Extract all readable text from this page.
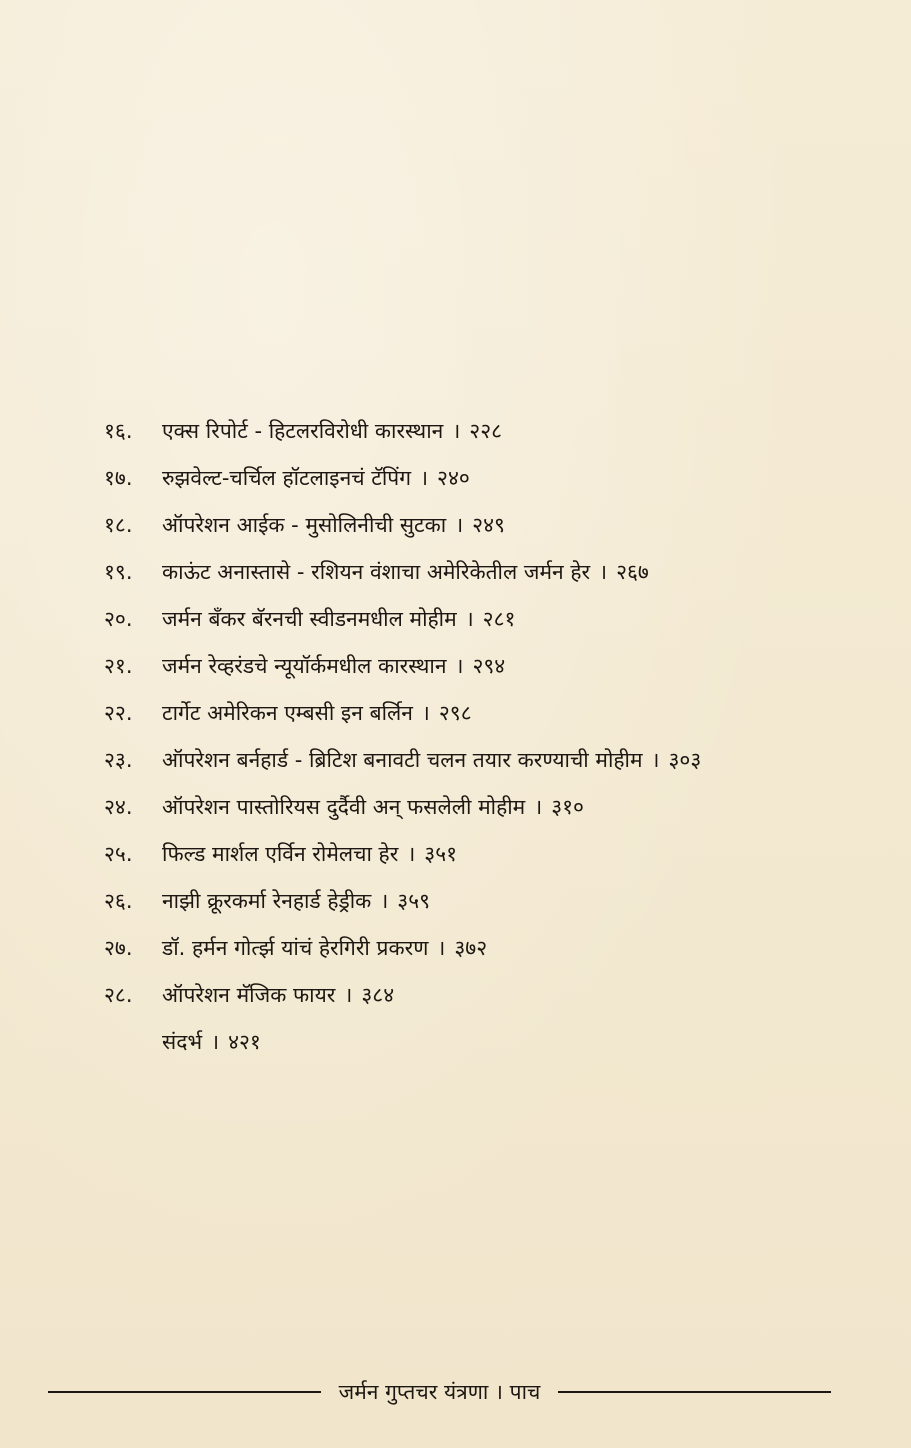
१६.	एक्स रिपोर्ट - हिटलरविरोधी कारस्थान । २२८
१७.	रुझवेल्ट-चर्चिल हॉटलाइनचं टॅपिंग । २४०
१८.	ऑपरेशन आईक - मुसोलिनीची सुटका । २४९
१९.	काऊंट अनास्तासे - रशियन वंशाचा अमेरिकेतील जर्मन हेर । २६७
२०.	जर्मन बँकर बॅरनची स्वीडनमधील मोहीम । २८१
२१.	जर्मन रेव्हरंडचे न्यूयॉर्कमधील कारस्थान । २९४
२२.	टार्गेट अमेरिकन एम्बसी इन बर्लिन । २९८
२३.	ऑपरेशन बर्नहार्ड - ब्रिटिश बनावटी चलन तयार करण्याची मोहीम । ३०३
२४.	ऑपरेशन पास्तोरियस दुर्दैवी अन् फसलेली मोहीम । ३१०
२५.	फिल्ड मार्शल एर्विन रोमेलचा हेर । ३५१
२६.	नाझी क्रूरकर्मा रेनहार्ड हेड्रीक । ३५९
२७.	डॉ. हर्मन गोर्त्झ यांचं हेरगिरी प्रकरण । ३७२
२८.	ऑपरेशन मॅजिक फायर । ३८४
संदर्भ । ४२१
जर्मन गुप्तचर यंत्रणा । पाच
